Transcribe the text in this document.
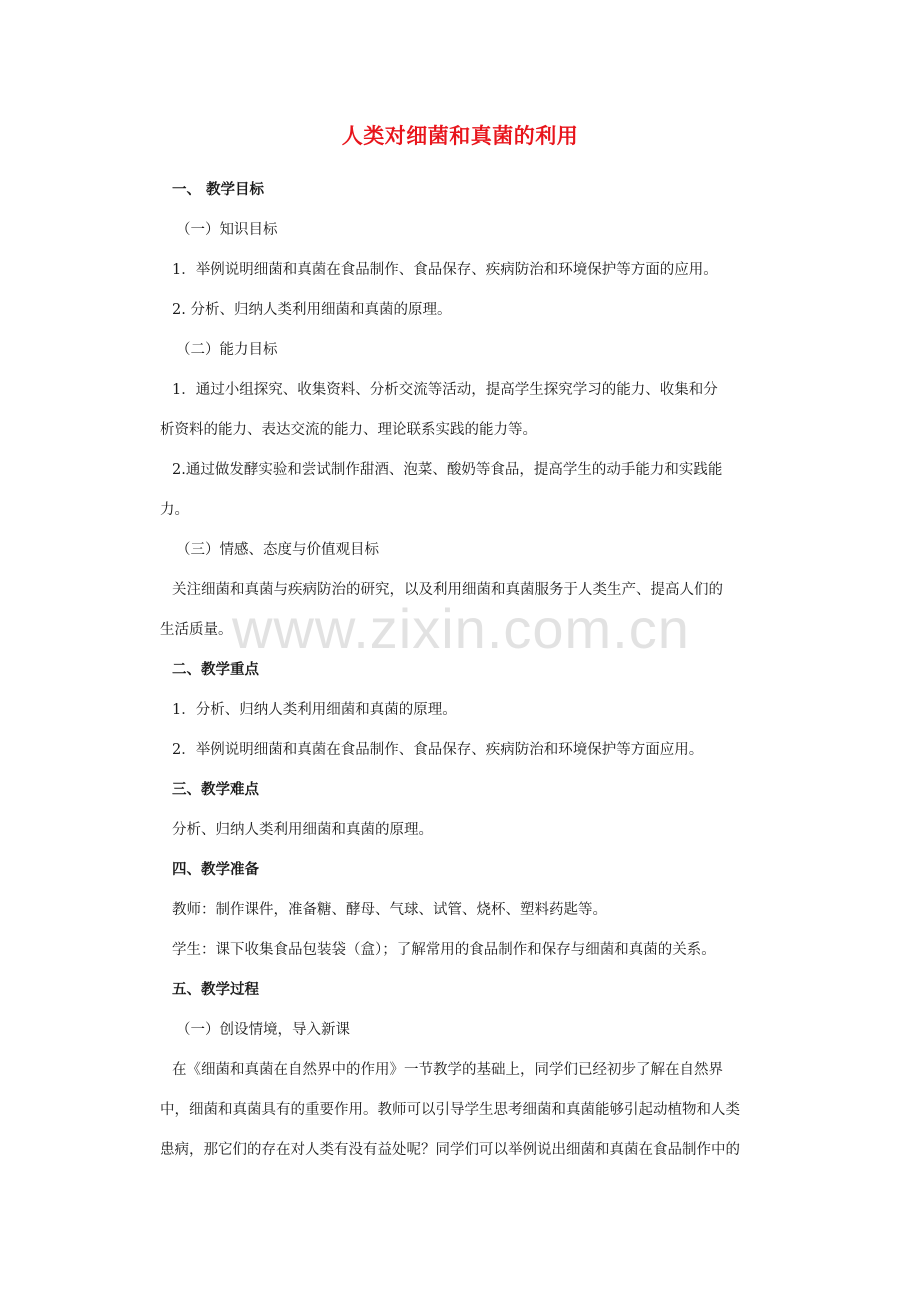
人类对细菌和真菌的利用
www.zixin.com.cn

一、 教学目标

（一）知识目标

1．举例说明细菌和真菌在食品制作、食品保存、疾病防治和环境保护等方面的应用。

2. 分析、归纳人类利用细菌和真菌的原理。

（二）能力目标

1．通过小组探究、收集资料、分析交流等活动，提高学生探究学习的能力、收集和分

析资料的能力、表达交流的能力、理论联系实践的能力等。

2.通过做发酵实验和尝试制作甜酒、泡菜、酸奶等食品，提高学生的动手能力和实践能

力。

（三）情感、态度与价值观目标

关注细菌和真菌与疾病防治的研究，以及利用细菌和真菌服务于人类生产、提高人们的

生活质量。

二、教学重点

1．分析、归纳人类利用细菌和真菌的原理。

2．举例说明细菌和真菌在食品制作、食品保存、疾病防治和环境保护等方面应用。

三、教学难点

分析、归纳人类利用细菌和真菌的原理。

四、教学准备

教师：制作课件，准备糖、酵母、气球、试管、烧杯、塑料药匙等。

学生：课下收集食品包装袋（盒）；了解常用的食品制作和保存与细菌和真菌的关系。

五、教学过程

（一）创设情境，导入新课

在《细菌和真菌在自然界中的作用》一节教学的基础上，同学们已经初步了解在自然界

中，细菌和真菌具有的重要作用。教师可以引导学生思考细菌和真菌能够引起动植物和人类

患病，那它们的存在对人类有没有益处呢？同学们可以举例说出细菌和真菌在食品制作中的
